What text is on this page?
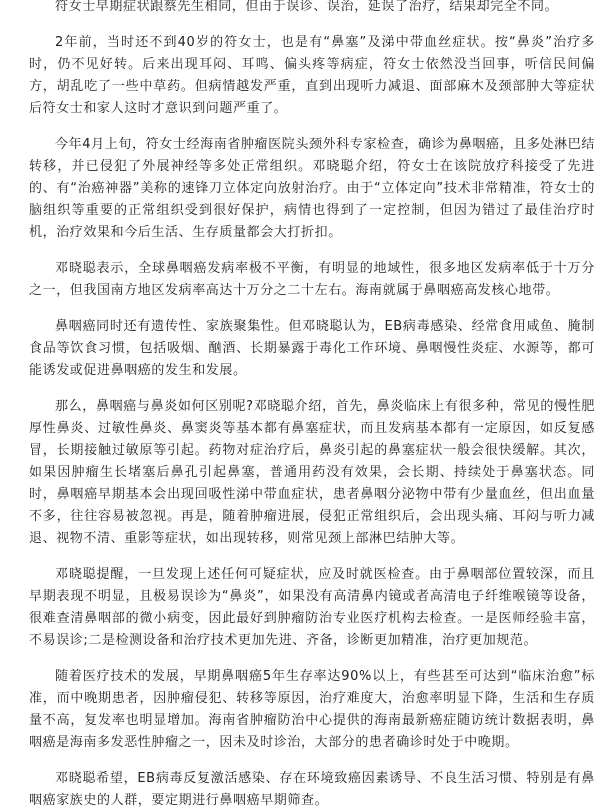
符女士早期症状跟蔡先生相同，但由于误诊、误治，延误了治疗，结果却完全不同。

2年前，当时还不到40岁的符女士，也是有“鼻塞”及涕中带血丝症状。按“鼻炎”治疗多时，仍不见好转。后来出现耳闷、耳鸣、偏头疼等病症，符女士依然没当回事，听信民间偏方，胡乱吃了一些中草药。但病情越发严重，直到出现听力减退、面部麻木及颈部肿大等症状后符女士和家人这时才意识到问题严重了。

今年4月上旬，符女士经海南省肿瘤医院头颈外科专家检查，确诊为鼻咽癌，且多处淋巴结转移，并已侵犯了外展神经等多处正常组织。邓晓聪介绍，符女士在该院放疗科接受了先进的、有“治癌神器”美称的速锋刀立体定向放射治疗。由于“立体定向”技术非常精准，符女士的脑组织等重要的正常组织受到很好保护，病情也得到了一定控制，但因为错过了最佳治疗时机，治疗效果和今后生活、生存质量都会大打折扣。

邓晓聪表示，全球鼻咽癌发病率极不平衡，有明显的地域性，很多地区发病率低于十万分之一，但我国南方地区发病率高达十万分之二十左右。海南就属于鼻咽癌高发核心地带。

鼻咽癌同时还有遗传性、家族聚集性。但邓晓聪认为，EB病毒感染、经常食用咸鱼、腌制食品等饮食习惯，包括吸烟、酗酒、长期暴露于毒化工作环境、鼻咽慢性炎症、水源等，都可能诱发或促进鼻咽癌的发生和发展。

那么，鼻咽癌与鼻炎如何区别呢?邓晓聪介绍，首先，鼻炎临床上有很多种，常见的慢性肥厚性鼻炎、过敏性鼻炎、鼻窦炎等基本都有鼻塞症状，而且发病基本都有一定原因，如反复感冒，长期接触过敏原等引起。药物对症治疗后，鼻炎引起的鼻塞症状一般会很快缓解。其次，如果因肿瘤生长堵塞后鼻孔引起鼻塞，普通用药没有效果，会长期、持续处于鼻塞状态。同时，鼻咽癌早期基本会出现回吸性涕中带血症状，患者鼻咽分泌物中带有少量血丝，但出血量不多，往往容易被忽视。再是，随着肿瘤进展，侵犯正常组织后，会出现头痛、耳闷与听力减退、视物不清、重影等症状，如出现转移，则常见颈上部淋巴结肿大等。

邓晓聪提醒，一旦发现上述任何可疑症状，应及时就医检查。由于鼻咽部位置较深，而且早期表现不明显，且极易误诊为“鼻炎”，如果没有高清鼻内镜或者高清电子纤维喉镜等设备，很难查清鼻咽部的微小病变，因此最好到肿瘤防治专业医疗机构去检查。一是医师经验丰富，不易误诊;二是检测设备和治疗技术更加先进、齐备，诊断更加精准，治疗更加规范。

随着医疗技术的发展，早期鼻咽癌5年生存率达90%以上，有些甚至可达到“临床治愈”标准，而中晚期患者，因肿瘤侵犯、转移等原因，治疗难度大，治愈率明显下降，生活和生存质量不高，复发率也明显增加。海南省肿瘤防治中心提供的海南最新癌症随访统计数据表明，鼻咽癌是海南多发恶性肿瘤之一，因未及时诊治，大部分的患者确诊时处于中晚期。

邓晓聪希望，EB病毒反复激活感染、存在环境致癌因素诱导、不良生活习惯、特别是有鼻咽癌家族史的人群，要定期进行鼻咽癌早期筛查。
